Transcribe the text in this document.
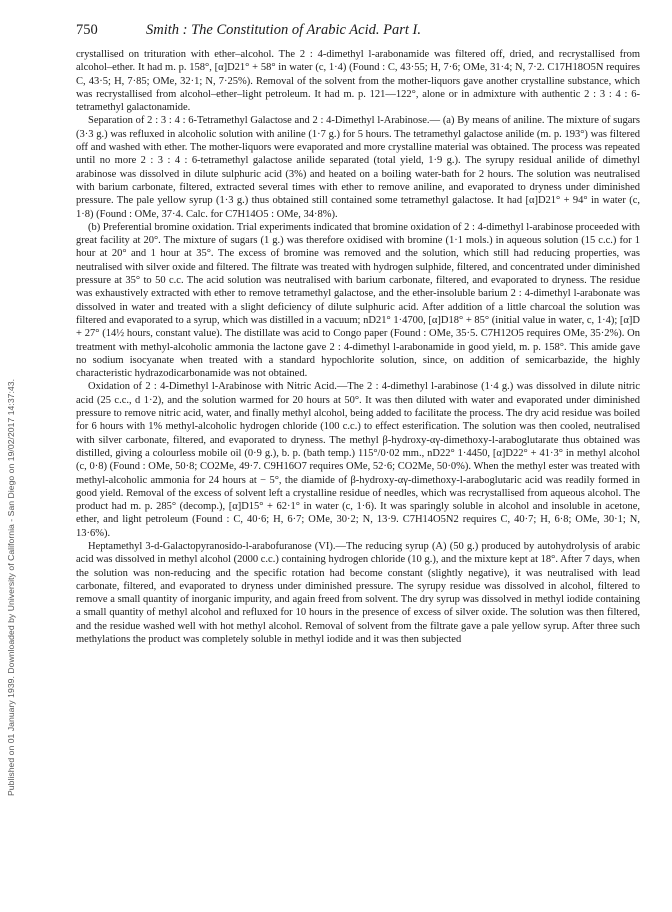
750	Smith : The Constitution of Arabic Acid. Part I.
Published on 01 January 1939. Downloaded by University of California - San Diego on 19/02/2017 14:37:43.

crystallised on trituration with ether–alcohol. The 2 : 4-dimethyl l-arabonamide was filtered off, dried, and recrystallised from alcohol–ether. It had m. p. 158°, [α]D21° + 58° in water (c, 1·4) (Found : C, 43·55; H, 7·6; OMe, 31·4; N, 7·2. C17H18O5N requires C, 43·5; H, 7·85; OMe, 32·1; N, 7·25%). Removal of the solvent from the mother-liquors gave another crystalline substance, which was recrystallised from alcohol–ether–light petroleum. It had m. p. 121—122°, alone or in admixture with authentic 2 : 3 : 4 : 6-tetramethyl galactonamide.

Separation of 2 : 3 : 4 : 6-Tetramethyl Galactose and 2 : 4-Dimethyl l-Arabinose.— (a) By means of aniline. The mixture of sugars (3·3 g.) was refluxed in alcoholic solution with aniline (1·7 g.) for 5 hours. The tetramethyl galactose anilide (m. p. 193°) was filtered off and washed with ether. The mother-liquors were evaporated and more crystalline material was obtained. The process was repeated until no more 2 : 3 : 4 : 6-tetramethyl galactose anilide separated (total yield, 1·9 g.). The syrupy residual anilide of dimethyl arabinose was dissolved in dilute sulphuric acid (3%) and heated on a boiling water-bath for 2 hours. The solution was neutralised with barium carbonate, filtered, extracted several times with ether to remove aniline, and evaporated to dryness under diminished pressure. The pale yellow syrup (1·3 g.) thus obtained still contained some tetramethyl galactose. It had [α]D21° + 94° in water (c, 1·8) (Found : OMe, 37·4. Calc. for C7H14O5 : OMe, 34·8%).

(b) Preferential bromine oxidation. Trial experiments indicated that bromine oxidation of 2 : 4-dimethyl l-arabinose proceeded with great facility at 20°. The mixture of sugars (1 g.) was therefore oxidised with bromine (1·1 mols.) in aqueous solution (15 c.c.) for 1 hour at 20° and 1 hour at 35°. The excess of bromine was removed and the solution, which still had reducing properties, was neutralised with silver oxide and filtered. The filtrate was treated with hydrogen sulphide, filtered, and concentrated under diminished pressure at 35° to 50 c.c. The acid solution was neutralised with barium carbonate, filtered, and evaporated to dryness. The residue was exhaustively extracted with ether to remove tetramethyl galactose, and the ether-insoluble barium 2 : 4-dimethyl l-arabonate was dissolved in water and treated with a slight deficiency of dilute sulphuric acid. After addition of a little charcoal the solution was filtered and evaporated to a syrup, which was distilled in a vacuum; nD21° 1·4700, [α]D18° + 85° (initial value in water, c, 1·4); [α]D + 27° (14½ hours, constant value). The distillate was acid to Congo paper (Found : OMe, 35·5. C7H12O5 requires OMe, 35·2%). On treatment with methyl-alcoholic ammonia the lactone gave 2 : 4-dimethyl l-arabonamide in good yield, m. p. 158°. This amide gave no sodium isocyanate when treated with a standard hypochlorite solution, since, on addition of semicarbazide, the highly characteristic hydrazodicarbonamide was not obtained.

Oxidation of 2 : 4-Dimethyl l-Arabinose with Nitric Acid.—The 2 : 4-dimethyl l-arabinose (1·4 g.) was dissolved in dilute nitric acid (25 c.c., d 1·2), and the solution warmed for 20 hours at 50°. It was then diluted with water and evaporated under diminished pressure to remove nitric acid, water, and finally methyl alcohol, being added to facilitate the process. The dry acid residue was boiled for 6 hours with 1% methyl-alcoholic hydrogen chloride (100 c.c.) to effect esterification. The solution was then cooled, neutralised with silver carbonate, filtered, and evaporated to dryness. The methyl β-hydroxy-αγ-dimethoxy-l-araboglutarate thus obtained was distilled, giving a colourless mobile oil (0·9 g.), b. p. (bath temp.) 115°/0·02 mm., nD22° 1·4450, [α]D22° + 41·3° in methyl alcohol (c, 0·8) (Found : OMe, 50·8; CO2Me, 49·7. C9H16O7 requires OMe, 52·6; CO2Me, 50·0%). When the methyl ester was treated with methyl-alcoholic ammonia for 24 hours at − 5°, the diamide of β-hydroxy-αγ-dimethoxy-l-araboglutaric acid was readily formed in good yield. Removal of the excess of solvent left a crystalline residue of needles, which was recrystallised from aqueous alcohol. The product had m. p. 285° (decomp.), [α]D15° + 62·1° in water (c, 1·6). It was sparingly soluble in alcohol and insoluble in acetone, ether, and light petroleum (Found : C, 40·6; H, 6·7; OMe, 30·2; N, 13·9. C7H14O5N2 requires C, 40·7; H, 6·8; OMe, 30·1; N, 13·6%).

Heptamethyl 3-d-Galactopyranosido-l-arabofuranose (VI).—The reducing syrup (A) (50 g.) produced by autohydrolysis of arabic acid was dissolved in methyl alcohol (2000 c.c.) containing hydrogen chloride (10 g.), and the mixture kept at 18°. After 7 days, when the solution was non-reducing and the specific rotation had become constant (slightly negative), it was neutralised with lead carbonate, filtered, and evaporated to dryness under diminished pressure. The syrupy residue was dissolved in alcohol, filtered to remove a small quantity of inorganic impurity, and again freed from solvent. The dry syrup was dissolved in methyl iodide containing a small quantity of methyl alcohol and refluxed for 10 hours in the presence of excess of silver oxide. The solution was then filtered, and the residue washed well with hot methyl alcohol. Removal of solvent from the filtrate gave a pale yellow syrup. After three such methylations the product was completely soluble in methyl iodide and it was then subjected
